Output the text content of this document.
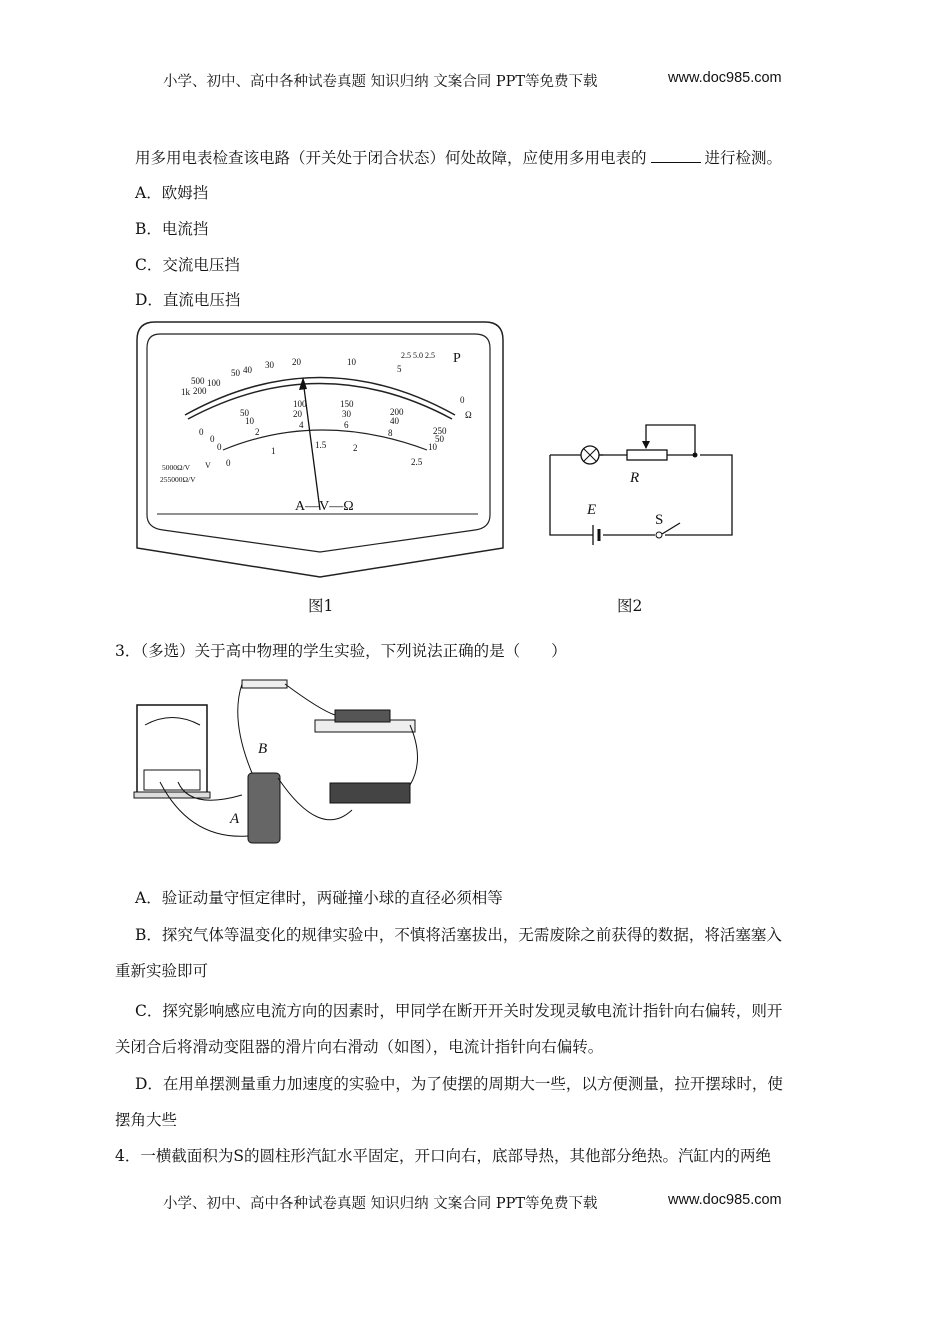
小学、初中、高中各种试卷真题 知识归纳 文案合同 PPT等免费下载	www.doc985.com
用多用电表检查该电路（开关处于闭合状态）何处故障，应使用多用电表的	进行检测。
A．欧姆挡
B．电流挡
C．交流电压挡
D．直流电压挡
1k
500
200
100
50 40 30 20	10
5
0
Ω
0
50
100	150
200
250
0
10
20	30
40
50
0
2
4	6
8
10
0
1
1.5	2
2.5
V
5000Ω/V
255000Ω/V
2.5 5.0 2.5 P
A—V—Ω
R
E
S
图1	图2
3．（多选）关于高中物理的学生实验，下列说法正确的是（　　）
B
A
A．验证动量守恒定律时，两碰撞小球的直径必须相等
B．探究气体等温变化的规律实验中，不慎将活塞拔出，无需废除之前获得的数据，将活塞塞入
重新实验即可
C．探究影响感应电流方向的因素时，甲同学在断开开关时发现灵敏电流计指针向右偏转，则开
关闭合后将滑动变阻器的滑片向右滑动（如图），电流计指针向右偏转。
D．在用单摆测量重力加速度的实验中，为了使摆的周期大一些，以方便测量，拉开摆球时，使
摆角大些
4．一横截面积为S的圆柱形汽缸水平固定，开口向右，底部导热，其他部分绝热。汽缸内的两绝
小学、初中、高中各种试卷真题 知识归纳 文案合同 PPT等免费下载	www.doc985.com
